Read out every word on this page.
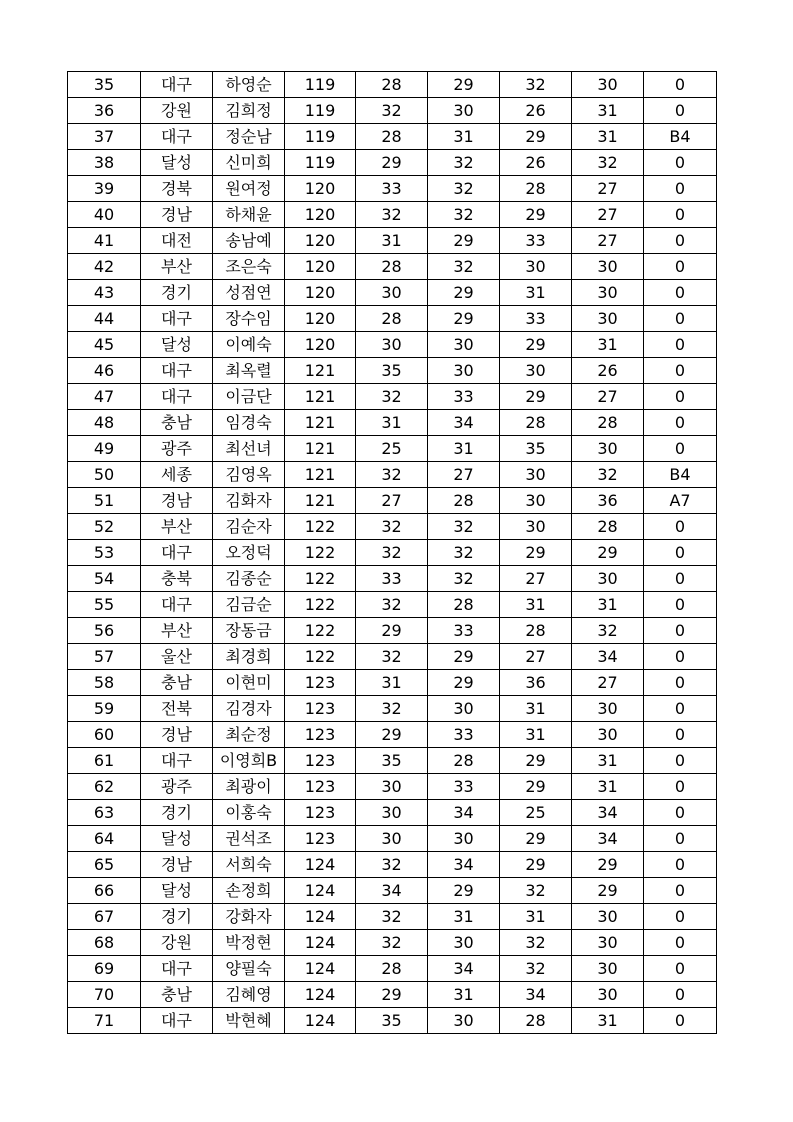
35	대구	하영순	119	28	29	32	30	0
36	강원	김희정	119	32	30	26	31	0
37	대구	정순남	119	28	31	29	31	B4
38	달성	신미희	119	29	32	26	32	0
39	경북	원여정	120	33	32	28	27	0
40	경남	하채윤	120	32	32	29	27	0
41	대전	송남예	120	31	29	33	27	0
42	부산	조은숙	120	28	32	30	30	0
43	경기	성점연	120	30	29	31	30	0
44	대구	장수임	120	28	29	33	30	0
45	달성	이예숙	120	30	30	29	31	0
46	대구	최옥렬	121	35	30	30	26	0
47	대구	이금단	121	32	33	29	27	0
48	충남	임경숙	121	31	34	28	28	0
49	광주	최선녀	121	25	31	35	30	0
50	세종	김영옥	121	32	27	30	32	B4
51	경남	김화자	121	27	28	30	36	A7
52	부산	김순자	122	32	32	30	28	0
53	대구	오정덕	122	32	32	29	29	0
54	충북	김종순	122	33	32	27	30	0
55	대구	김금순	122	32	28	31	31	0
56	부산	장동금	122	29	33	28	32	0
57	울산	최경희	122	32	29	27	34	0
58	충남	이현미	123	31	29	36	27	0
59	전북	김경자	123	32	30	31	30	0
60	경남	최순정	123	29	33	31	30	0
61	대구	이영희B	123	35	28	29	31	0
62	광주	최광이	123	30	33	29	31	0
63	경기	이홍숙	123	30	34	25	34	0
64	달성	권석조	123	30	30	29	34	0
65	경남	서희숙	124	32	34	29	29	0
66	달성	손정희	124	34	29	32	29	0
67	경기	강화자	124	32	31	31	30	0
68	강원	박정현	124	32	30	32	30	0
69	대구	양필숙	124	28	34	32	30	0
70	충남	김혜영	124	29	31	34	30	0
71	대구	박현혜	124	35	30	28	31	0
